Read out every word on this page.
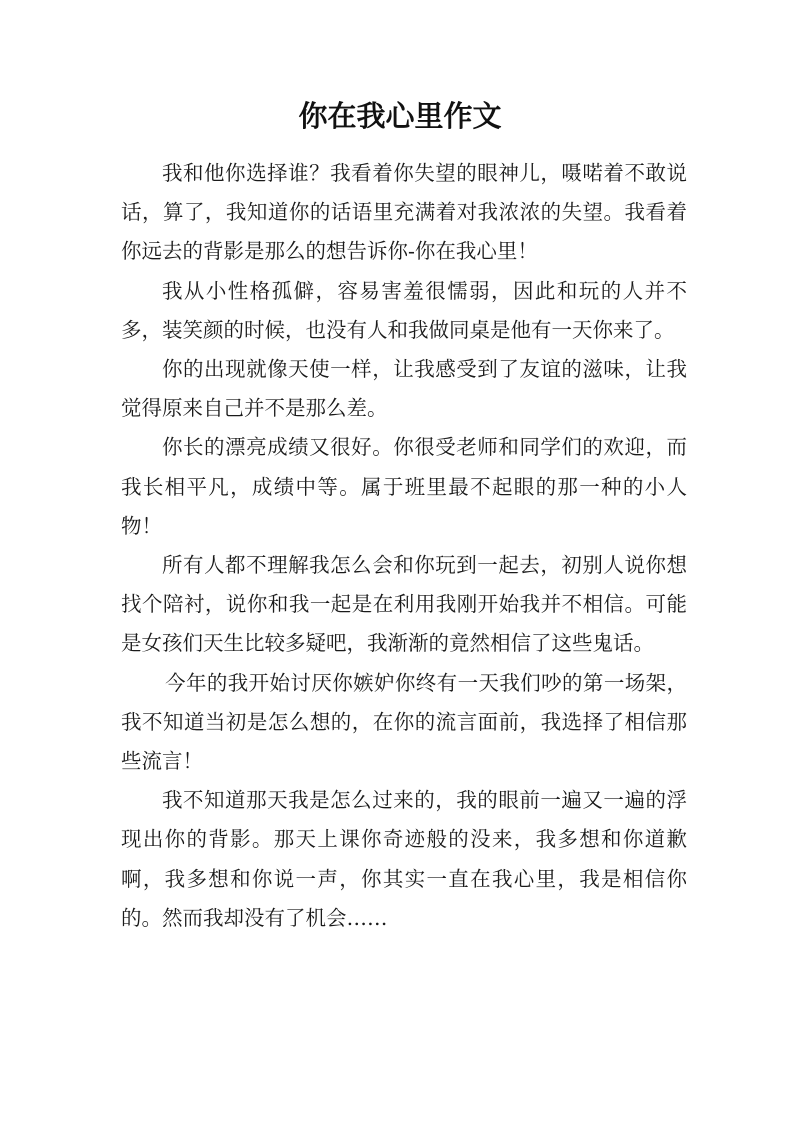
你在我心里作文

我和他你选择谁？我看着你失望的眼神儿，嗫喏着不敢说话，算了，我知道你的话语里充满着对我浓浓的失望。我看着你远去的背影是那么的想告诉你-你在我心里！

我从小性格孤僻，容易害羞很懦弱，因此和玩的人并不多，装笑颜的时候，也没有人和我做同桌是他有一天你来了。

你的出现就像天使一样，让我感受到了友谊的滋味，让我觉得原来自己并不是那么差。

你长的漂亮成绩又很好。你很受老师和同学们的欢迎，而我长相平凡，成绩中等。属于班里最不起眼的那一种的小人物！

所有人都不理解我怎么会和你玩到一起去，初别人说你想找个陪衬，说你和我一起是在利用我刚开始我并不相信。可能是女孩们天生比较多疑吧，我渐渐的竟然相信了这些鬼话。

今年的我开始讨厌你嫉妒你终有一天我们吵的第一场架，我不知道当初是怎么想的，在你的流言面前，我选择了相信那些流言！

我不知道那天我是怎么过来的，我的眼前一遍又一遍的浮现出你的背影。那天上课你奇迹般的没来，我多想和你道歉啊，我多想和你说一声，你其实一直在我心里，我是相信你的。然而我却没有了机会……
